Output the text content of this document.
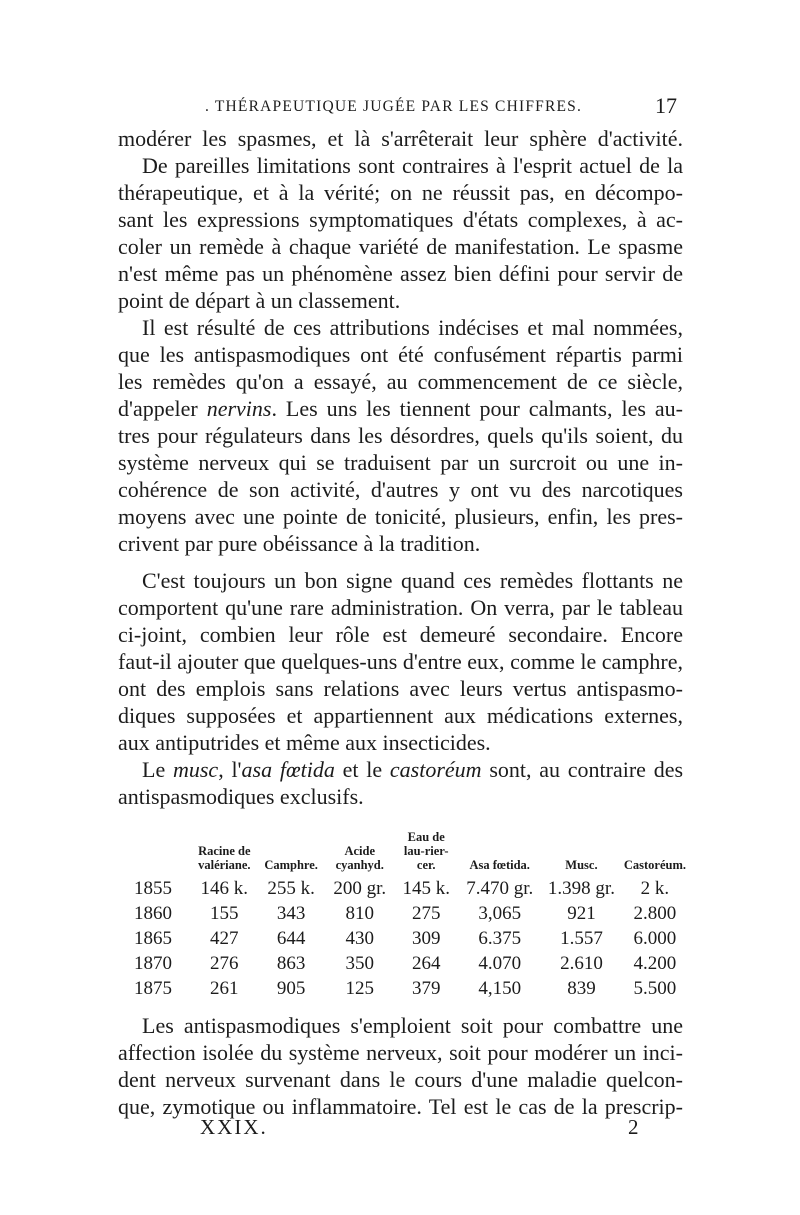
. THÉRAPEUTIQUE JUGÉE PAR LES CHIFFRES.	17
modérer les spasmes, et là s'arrêterait leur sphère d'activité.
De pareilles limitations sont contraires à l'esprit actuel de la
thérapeutique, et à la vérité; on ne réussit pas, en décompo-
sant les expressions symptomatiques d'états complexes, à ac-
coler un remède à chaque variété de manifestation. Le spasme
n'est même pas un phénomène assez bien défini pour servir de
point de départ à un classement.
Il est résulté de ces attributions indécises et mal nommées,
que les antispasmodiques ont été confusément répartis parmi
les remèdes qu'on a essayé, au commencement de ce siècle,
d'appeler nervins. Les uns les tiennent pour calmants, les au-
tres pour régulateurs dans les désordres, quels qu'ils soient, du
système nerveux qui se traduisent par un surcroit ou une in-
cohérence de son activité, d'autres y ont vu des narcotiques
moyens avec une pointe de tonicité, plusieurs, enfin, les pres-
crivent par pure obéissance à la tradition.
C'est toujours un bon signe quand ces remèdes flottants ne
comportent qu'une rare administration. On verra, par le tableau
ci-joint, combien leur rôle est demeuré secondaire. Encore
faut-il ajouter que quelques-uns d'entre eux, comme le camphre,
ont des emplois sans relations avec leurs vertus antispasmo-
diques supposées et appartiennent aux médications externes,
aux antiputrides et même aux insecticides.
Le musc, l'asa fœtida et le castoréum sont, au contraire des
antispasmodiques exclusifs.
	Racine de valériane.	Camphre.	Acide cyanhyd.	Eau de lau-rier-cer.	Asa fœtida.	Musc.	Castoréum.
1855	146 k.	255 k.	200 gr.	145 k.	7.470 gr.	1.398 gr.	2 k.
1860	155	343	810	275	3,065	921	2.800
1865	427	644	430	309	6.375	1.557	6.000
1870	276	863	350	264	4.070	2.610	4.200
1875	261	905	125	379	4,150	839	5.500
Les antispasmodiques s'emploient soit pour combattre une
affection isolée du système nerveux, soit pour modérer un inci-
dent nerveux survenant dans le cours d'une maladie quelcon-
que, zymotique ou inflammatoire. Tel est le cas de la prescrip-
XXIX.	2
